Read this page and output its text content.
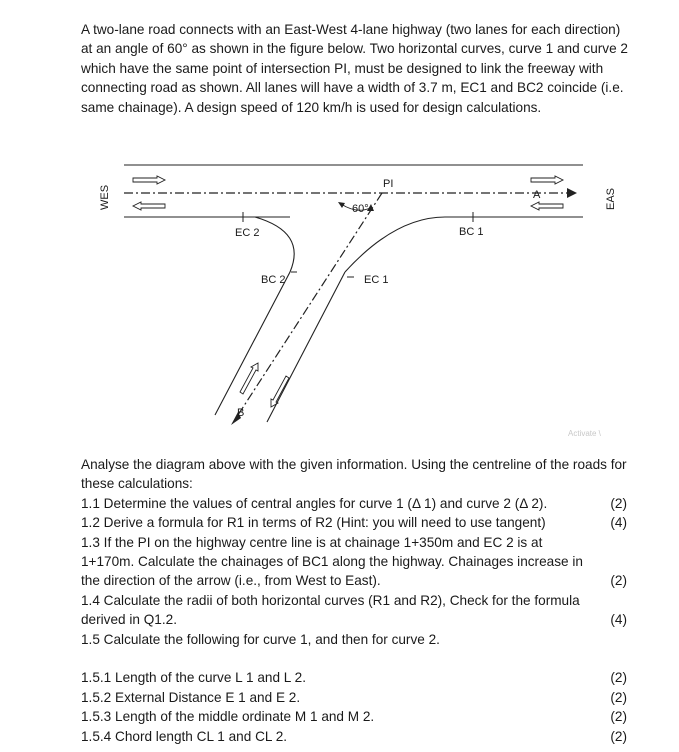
A two-lane road connects with an East-West 4-lane highway (two lanes for each direction) at an angle of 60° as shown in the figure below. Two horizontal curves, curve 1 and curve 2 which have the same point of intersection PI, must be designed to link the freeway with connecting road as shown. All lanes will have a width of 3.7 m, EC1 and BC2 coincide (i.e. same chainage). A design speed of 120 km/h is used for design calculations.
WES	EAS
PI
60°
A
B
EC 2	BC 1
BC 2	EC 1
Activate \
Analyse the diagram above with the given information. Using the centreline of the roads for these calculations:
1.1 Determine the values of central angles for curve 1 (Δ 1) and curve 2 (Δ 2).	(2)
1.2 Derive a formula for R1 in terms of R2 (Hint: you will need to use tangent)	(4)
1.3 If the PI on the highway centre line is at chainage 1+350m and EC 2 is at 1+170m. Calculate the chainages of BC1 along the highway. Chainages increase in the direction of the arrow (i.e., from West to East).	(2)
1.4 Calculate the radii of both horizontal curves (R1 and R2), Check for the formula derived in Q1.2.	(4)
1.5 Calculate the following for curve 1, and then for curve 2.
1.5.1 Length of the curve L 1 and L 2.	(2)
1.5.2 External Distance E 1 and E 2.	(2)
1.5.3 Length of the middle ordinate M 1 and M 2.	(2)
1.5.4 Chord length CL 1 and CL 2.	(2)
